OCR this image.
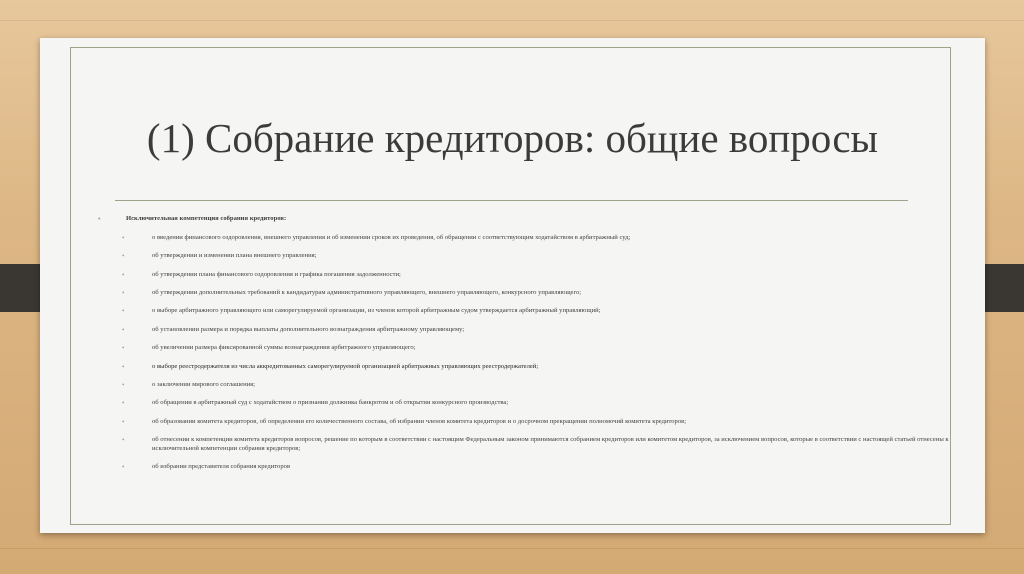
(1) Собрание кредиторов: общие вопросы
•	Исключительная компетенция собрания кредиторов:
•	о введении финансового оздоровления, внешнего управления и об изменении сроков их проведения, об обращении с соответствующим ходатайством в арбитражный суд;
•	об утверждении и изменении плана внешнего управления;
•	об утверждении плана финансового оздоровления и графика погашения задолженности;
•	об утверждении дополнительных требований к кандидатурам административного управляющего, внешнего управляющего, конкурсного управляющего;
•	о выборе арбитражного управляющего или саморегулируемой организации, из членов которой арбитражным судом утверждается арбитражный управляющий;
•	об установлении размера и порядка выплаты дополнительного вознаграждения арбитражному управляющему;
•	об увеличении размера фиксированной суммы вознаграждения арбитражного управляющего;
•	о выборе реестродержателя из числа аккредитованных саморегулируемой организацией арбитражных управляющих реестродержателей;
•	о заключении мирового соглашения;
•	об обращении в арбитражный суд с ходатайством о признании должника банкротом и об открытии конкурсного производства;
•	об образовании комитета кредиторов, об определении его количественного состава, об избрании членов комитета кредиторов и о досрочном прекращении полномочий комитета кредиторов;
•	об отнесении к компетенции комитета кредиторов вопросов, решение по которым в соответствии с настоящим Федеральным законом принимаются собранием кредиторов или комитетом кредиторов, за исключением вопросов, которые в соответствии с настоящей статьей отнесены к исключительной компетенции собрания кредиторов;
•	об избрании представителя собрания кредиторов
